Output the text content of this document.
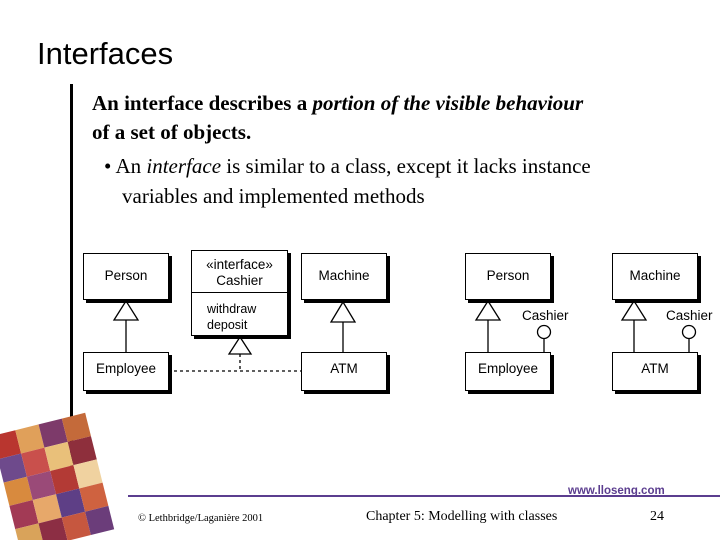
Interfaces
An interface describes a portion of the visible behaviour
of a set of objects.
• An interface is similar to a class, except it lacks instance
variables and implemented methods
Person
«interface»
Cashier
withdraw
deposit
Machine
Employee	ATM
Person	Machine
Cashier	Cashier
Employee	ATM
www.lloseng.com
© Lethbridge/Laganière 2001	Chapter 5: Modelling with classes	24
